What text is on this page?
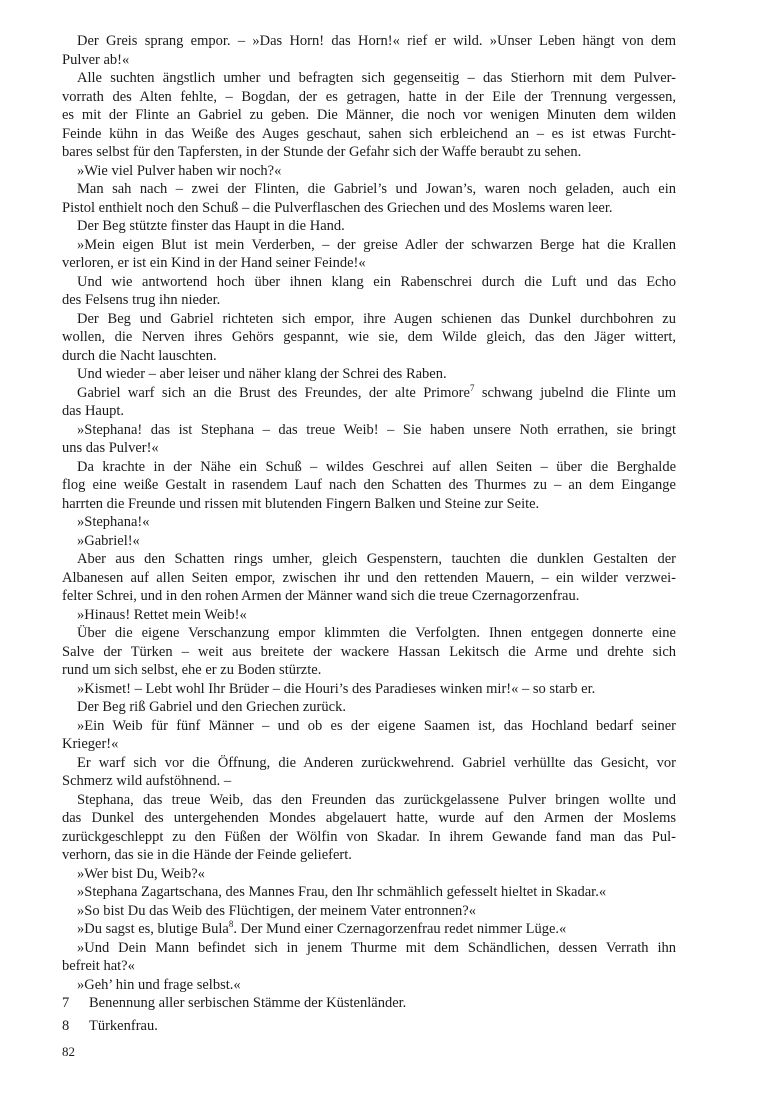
Der Greis sprang empor. – »Das Horn! das Horn!« rief er wild. »Unser Leben hängt von dem
Pulver ab!«
Alle suchten ängstlich umher und befragten sich gegenseitig – das Stierhorn mit dem Pulver-
vorrath des Alten fehlte, – Bogdan, der es getragen, hatte in der Eile der Trennung vergessen,
es mit der Flinte an Gabriel zu geben. Die Männer, die noch vor wenigen Minuten dem wilden
Feinde kühn in das Weiße des Auges geschaut, sahen sich erbleichend an – es ist etwas Furcht-
bares selbst für den Tapfersten, in der Stunde der Gefahr sich der Waffe beraubt zu sehen.
»Wie viel Pulver haben wir noch?«
Man sah nach – zwei der Flinten, die Gabriel’s und Jowan’s, waren noch geladen, auch ein
Pistol enthielt noch den Schuß – die Pulverflaschen des Griechen und des Moslems waren leer.
Der Beg stützte finster das Haupt in die Hand.
»Mein eigen Blut ist mein Verderben, – der greise Adler der schwarzen Berge hat die Krallen
verloren, er ist ein Kind in der Hand seiner Feinde!«
Und wie antwortend hoch über ihnen klang ein Rabenschrei durch die Luft und das Echo
des Felsens trug ihn nieder.
Der Beg und Gabriel richteten sich empor, ihre Augen schienen das Dunkel durchbohren zu
wollen, die Nerven ihres Gehörs gespannt, wie sie, dem Wilde gleich, das den Jäger wittert,
durch die Nacht lauschten.
Und wieder – aber leiser und näher klang der Schrei des Raben.
Gabriel warf sich an die Brust des Freundes, der alte Primore$^7$ schwang jubelnd die Flinte um
das Haupt.
»Stephana! das ist Stephana – das treue Weib! – Sie haben unsere Noth errathen, sie bringt
uns das Pulver!«
Da krachte in der Nähe ein Schuß – wildes Geschrei auf allen Seiten – über die Berghalde
flog eine weiße Gestalt in rasendem Lauf nach den Schatten des Thurmes zu – an dem Eingange
harrten die Freunde und rissen mit blutenden Fingern Balken und Steine zur Seite.
»Stephana!«
»Gabriel!«
Aber aus den Schatten rings umher, gleich Gespenstern, tauchten die dunklen Gestalten der
Albanesen auf allen Seiten empor, zwischen ihr und den rettenden Mauern, – ein wilder verzwei-
felter Schrei, und in den rohen Armen der Männer wand sich die treue Czernagorzenfrau.
»Hinaus! Rettet mein Weib!«
Über die eigene Verschanzung empor klimmten die Verfolgten. Ihnen entgegen donnerte eine
Salve der Türken – weit aus breitete der wackere Hassan Lekitsch die Arme und drehte sich
rund um sich selbst, ehe er zu Boden stürzte.
»Kismet! – Lebt wohl Ihr Brüder – die Houri’s des Paradieses winken mir!« – so starb er.
Der Beg riß Gabriel und den Griechen zurück.
»Ein Weib für fünf Männer – und ob es der eigene Saamen ist, das Hochland bedarf seiner
Krieger!«
Er warf sich vor die Öffnung, die Anderen zurückwehrend. Gabriel verhüllte das Gesicht, vor
Schmerz wild aufstöhnend. –
Stephana, das treue Weib, das den Freunden das zurückgelassene Pulver bringen wollte und
das Dunkel des untergehenden Mondes abgelauert hatte, wurde auf den Armen der Moslems
zurückgeschleppt zu den Füßen der Wölfin von Skadar. In ihrem Gewande fand man das Pul-
verhorn, das sie in die Hände der Feinde geliefert.
»Wer bist Du, Weib?«
»Stephana Zagartschana, des Mannes Frau, den Ihr schmählich gefesselt hieltet in Skadar.«
»So bist Du das Weib des Flüchtigen, der meinem Vater entronnen?«
»Du sagst es, blutige Bula$^8$. Der Mund einer Czernagorzenfrau redet nimmer Lüge.«
»Und Dein Mann befindet sich in jenem Thurme mit dem Schändlichen, dessen Verrath ihn
befreit hat?«
»Geh’ hin und frage selbst.«
7	Benennung aller serbischen Stämme der Küstenländer.
8	Türkenfrau.
82
